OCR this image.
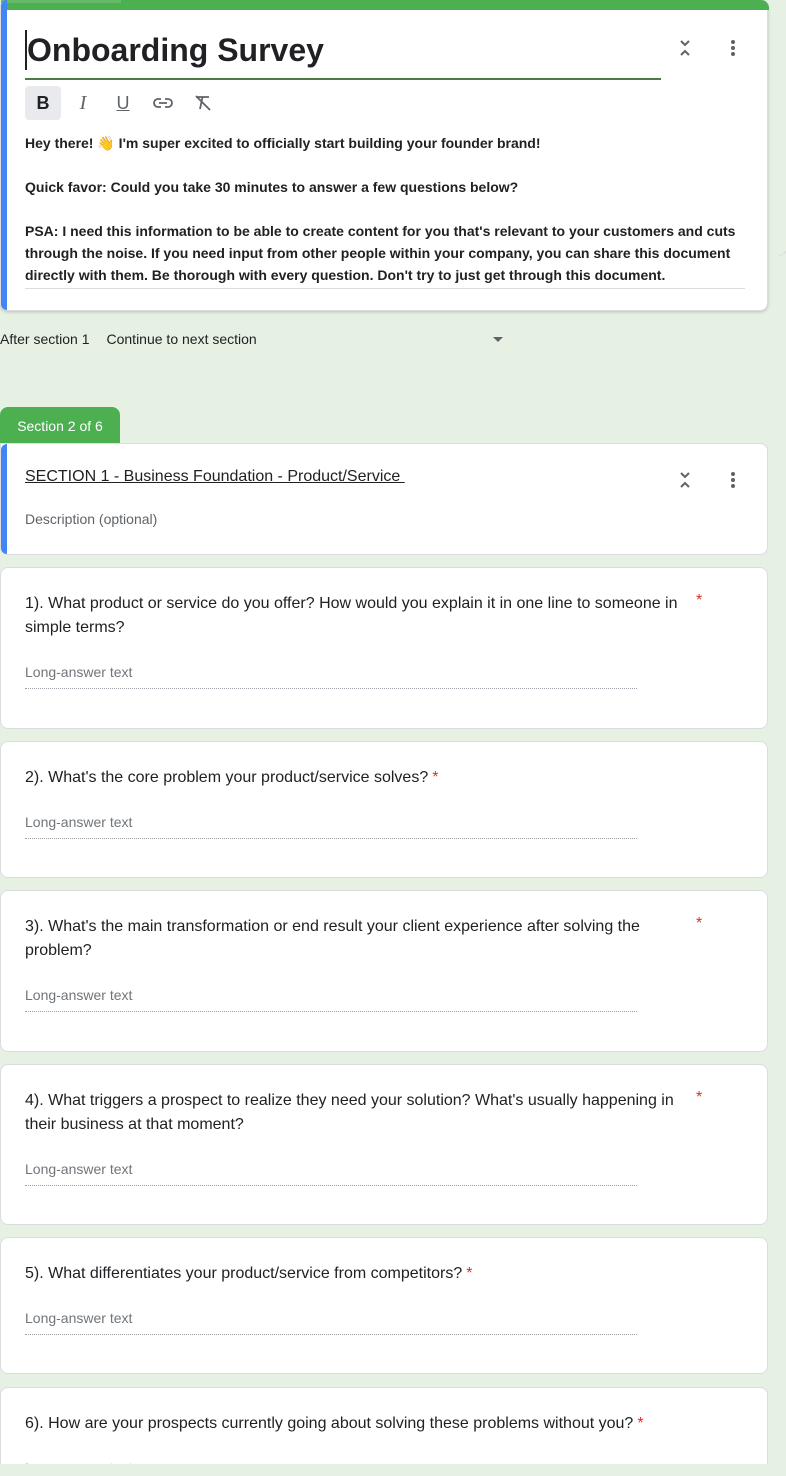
Onboarding Survey
B	I	U

Hey there! 👋 I'm super excited to officially start building your founder brand!

Quick favor: Could you take 30 minutes to answer a few questions below?

PSA: I need this information to be able to create content for you that's relevant to your customers and cuts through the noise. If you need input from other people within your company, you can share this document directly with them. Be thorough with every question. Don't try to just get through this document.

After section 1 Continue to next section
Section 2 of 6
SECTION 1 - Business Foundation - Product/Service
Description (optional)
1). What product or service do you offer? How would you explain it in one line to someone in simple terms?
*
Long-answer text
2). What's the core problem your product/service solves? *
Long-answer text
3). What's the main transformation or end result your client experience after solving the problem?
*
Long-answer text
4). What triggers a prospect to realize they need your solution? What's usually happening in their business at that moment?
*
Long-answer text
5). What differentiates your product/service from competitors? *
Long-answer text
6). How are your prospects currently going about solving these problems without you? *
